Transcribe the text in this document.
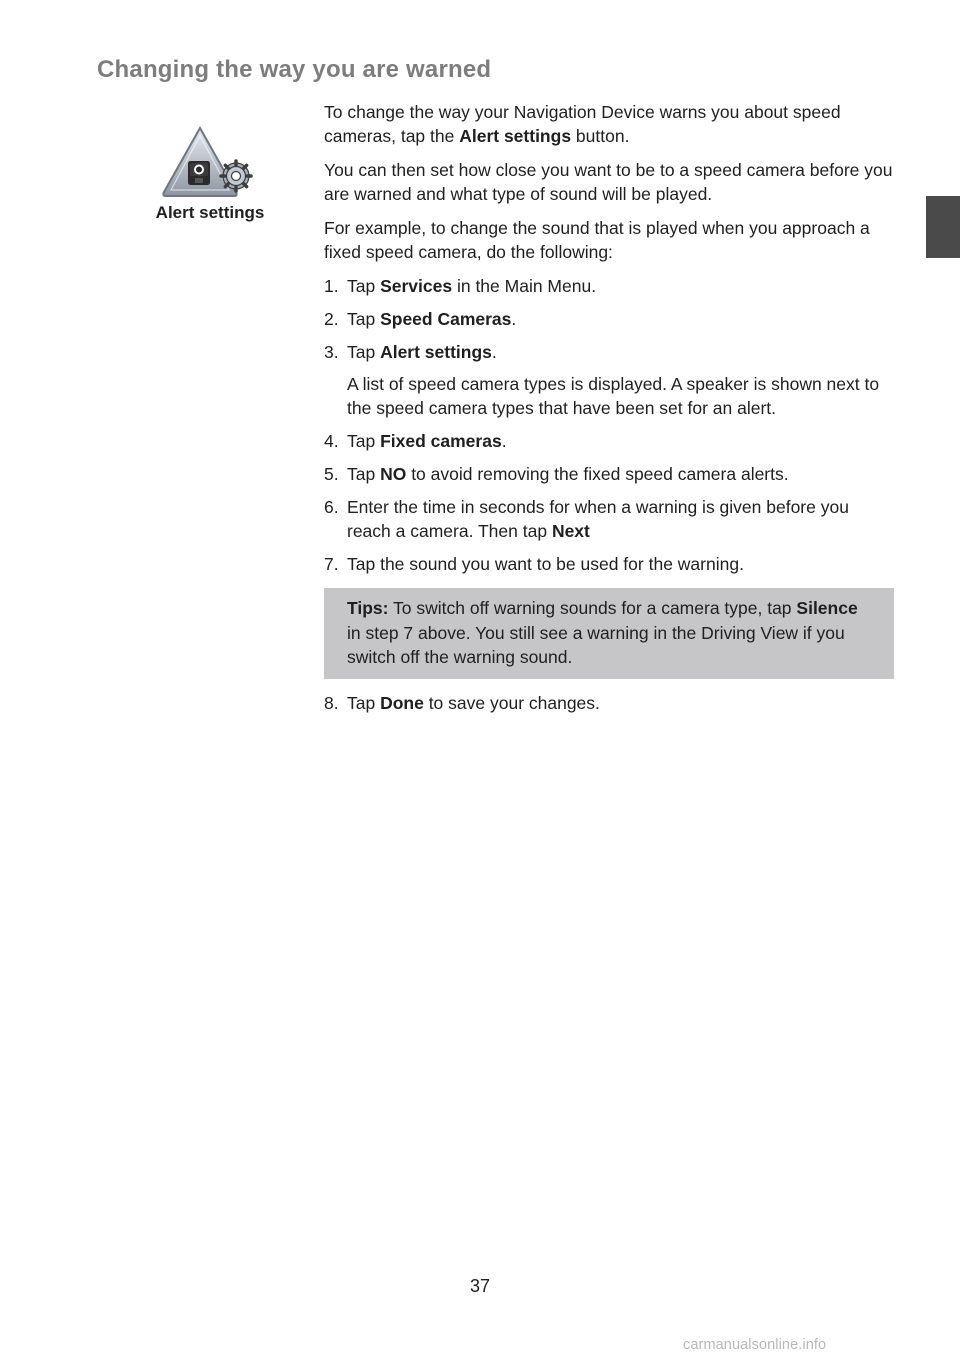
Changing the way you are warned
Alert settings

To change the way your Navigation Device warns you about speed cameras, tap the Alert settings button.

You can then set how close you want to be to a speed camera before you are warned and what type of sound will be played.

For example, to change the sound that is played when you approach a fixed speed camera, do the following:

1. Tap Services in the Main Menu.
2. Tap Speed Cameras.
3. Tap Alert settings.
A list of speed camera types is displayed. A speaker is shown next to the speed camera types that have been set for an alert.
4. Tap Fixed cameras.
5. Tap NO to avoid removing the fixed speed camera alerts.
6. Enter the time in seconds for when a warning is given before you reach a camera. Then tap Next
7. Tap the sound you want to be used for the warning.
Tips: To switch off warning sounds for a camera type, tap Silence in step 7 above. You still see a warning in the Driving View if you switch off the warning sound.
8. Tap Done to save your changes.
37
carmanualsonline.info
